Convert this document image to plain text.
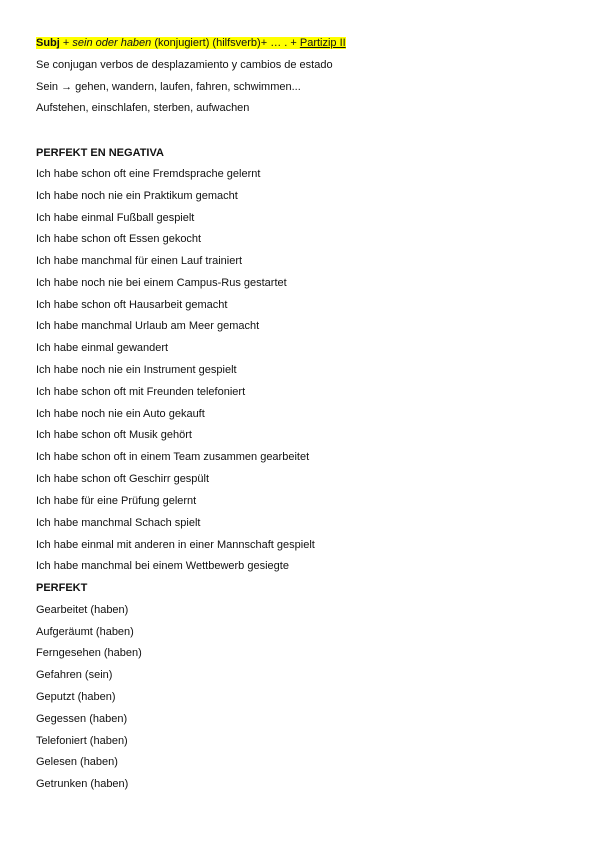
Subj + sein oder haben (konjugiert) (hilfsverb)+ … . + Partizip II
Se conjugan verbos de desplazamiento y cambios de estado
Sein → gehen, wandern, laufen, fahren, schwimmen...
Aufstehen, einschlafen, sterben, aufwachen
PERFEKT EN NEGATIVA
Ich habe schon oft eine Fremdsprache gelernt
Ich habe noch nie ein Praktikum gemacht
Ich habe einmal Fußball gespielt
Ich habe schon oft Essen gekocht
Ich habe manchmal für einen Lauf trainiert
Ich habe noch nie bei einem Campus-Rus gestartet
Ich habe schon oft Hausarbeit gemacht
Ich habe manchmal Urlaub am Meer gemacht
Ich habe einmal gewandert
Ich habe noch nie ein Instrument gespielt
Ich habe schon oft mit Freunden telefoniert
Ich habe noch nie ein Auto gekauft
Ich habe schon oft Musik gehört
Ich habe schon oft in einem Team zusammen gearbeitet
Ich habe schon oft Geschirr gespült
Ich habe für eine Prüfung gelernt
Ich habe manchmal Schach spielt
Ich habe einmal mit anderen in einer Mannschaft gespielt
Ich habe manchmal bei einem Wettbewerb gesiegte
PERFEKT
Gearbeitet (haben)
Aufgeräumt (haben)
Ferngesehen (haben)
Gefahren (sein)
Geputzt (haben)
Gegessen (haben)
Telefoniert (haben)
Gelesen (haben)
Getrunken (haben)
